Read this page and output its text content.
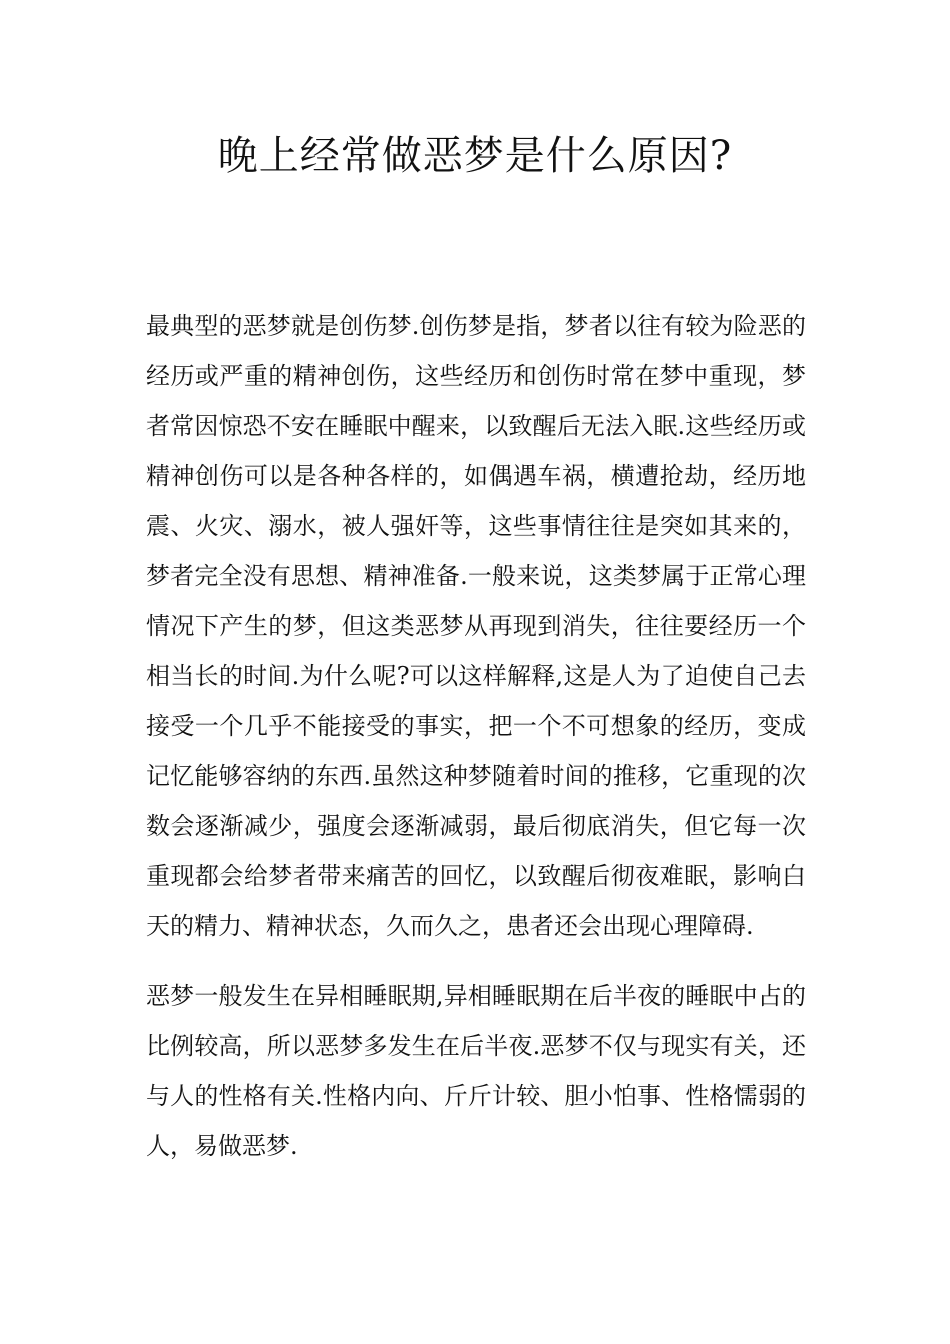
晚上经常做恶梦是什么原因?

最典型的恶梦就是创伤梦.创伤梦是指，梦者以往有较为险恶的经历或严重的精神创伤，这些经历和创伤时常在梦中重现，梦者常因惊恐不安在睡眠中醒来，以致醒后无法入眠.这些经历或精神创伤可以是各种各样的，如偶遇车祸，横遭抢劫，经历地震、火灾、溺水，被人强奸等，这些事情往往是突如其来的，梦者完全没有思想、精神准备.一般来说，这类梦属于正常心理情况下产生的梦，但这类恶梦从再现到消失，往往要经历一个相当长的时间.为什么呢?可以这样解释,这是人为了迫使自己去接受一个几乎不能接受的事实，把一个不可想象的经历，变成记忆能够容纳的东西.虽然这种梦随着时间的推移，它重现的次数会逐渐减少，强度会逐渐减弱，最后彻底消失，但它每一次重现都会给梦者带来痛苦的回忆，以致醒后彻夜难眠，影响白天的精力、精神状态，久而久之，患者还会出现心理障碍.

恶梦一般发生在异相睡眠期,异相睡眠期在后半夜的睡眠中占的比例较高，所以恶梦多发生在后半夜.恶梦不仅与现实有关，还与人的性格有关.性格内向、斤斤计较、胆小怕事、性格懦弱的人，易做恶梦.
